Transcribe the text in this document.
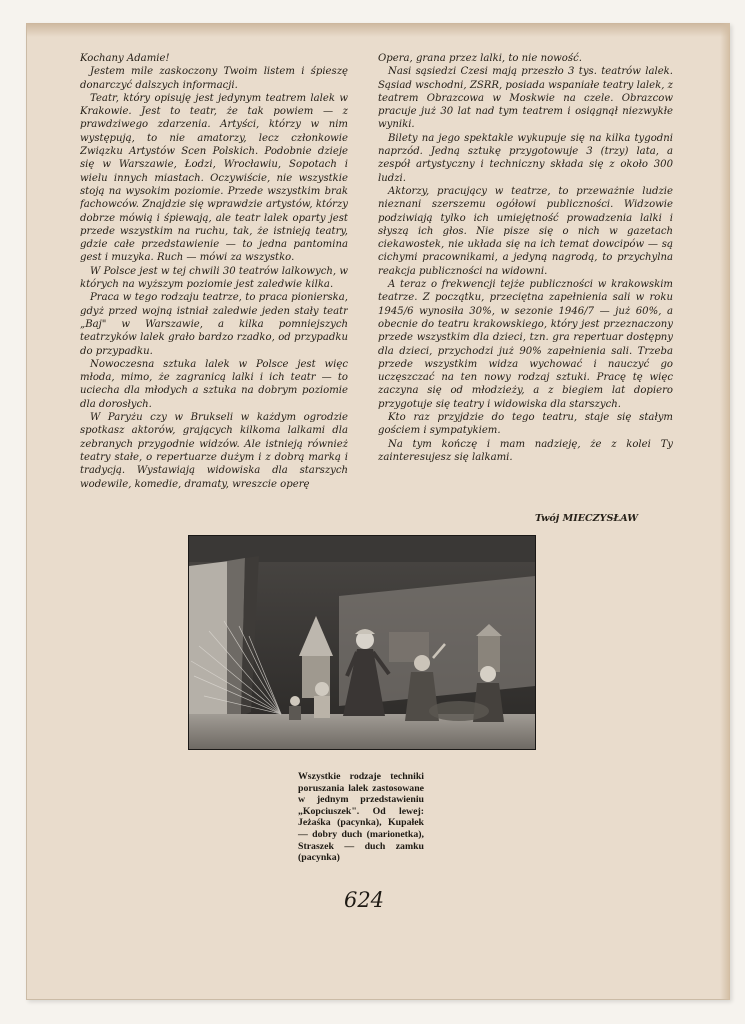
Kochany Adamie!

Jestem mile zaskoczony Twoim listem i śpieszę donarczyć dalszych informacji.

Teatr, który opisuję jest jedynym teatrem lalek w Krakowie. Jest to teatr, że tak powiem — z prawdziwego zdarzenia. Artyści, którzy w nim występują, to nie amatorzy, lecz członkowie Związku Artystów Scen Polskich. Podobnie dzieje się w Warszawie, Łodzi, Wrocławiu, Sopotach i wielu innych miastach. Oczywiście, nie wszystkie stoją na wysokim poziomie. Przede wszystkim brak fachowców. Znajdzie się wprawdzie artystów, którzy dobrze mówią i śpiewają, ale teatr lalek oparty jest przede wszystkim na ruchu, tak, że istnieją teatry, gdzie całe przedstawienie — to jedna pantomina gest i muzyka. Ruch — mówi za wszystko.

W Polsce jest w tej chwili 30 teatrów lalkowych, w których na wyższym poziomie jest zaledwie kilka.

Praca w tego rodzaju teatrze, to praca pionierska, gdyż przed wojną istniał zaledwie jeden stały teatr „Baj" w Warszawie, a kilka pomniejszych teatrzyków lalek grało bardzo rzadko, od przypadku do przypadku.

Nowoczesna sztuka lalek w Polsce jest więc młoda, mimo, że zagranicą lalki i ich teatr — to uciecha dla młodych a sztuka na dobrym poziomie dla dorosłych.

W Paryżu czy w Brukseli w każdym ogrodzie spotkasz aktorów, grających kilkoma lalkami dla zebranych przygodnie widzów. Ale istnieją również teatry stałe, o repertuarze dużym i z dobrą marką i tradycją. Wystawiają widowiska dla starszych wodewile, komedie, dramaty, wreszcie operę

Opera, grana przez lalki, to nie nowość.

Nasi sąsiedzi Czesi mają przeszło 3 tys. teatrów lalek. Sąsiad wschodni, ZSRR, posiada wspaniałe teatry lalek, z teatrem Obrazcowa w Moskwie na czele. Obrazcow pracuje już 30 lat nad tym teatrem i osiągnął niezwykłe wyniki.

Bilety na jego spektakle wykupuje się na kilka tygodni naprzód. Jedną sztukę przygotowuje 3 (trzy) lata, a zespół artystyczny i techniczny składa się z około 300 ludzi.

Aktorzy, pracujący w teatrze, to przeważnie ludzie nieznani szerszemu ogółowi publiczności. Widzowie podziwiają tylko ich umiejętność prowadzenia lalki i słyszą ich głos. Nie pisze się o nich w gazetach ciekawostek, nie układa się na ich temat dowcipów — są cichymi pracownikami, a jedyną nagrodą, to przychylna reakcja publiczności na widowni.

A teraz o frekwencji tejże publiczności w krakowskim teatrze. Z początku, przeciętna zapełnienia sali w roku 1945/6 wynosiła 30%, w sezonie 1946/7 — już 60%, a obecnie do teatru krakowskiego, który jest przeznaczony przede wszystkim dla dzieci, tzn. gra repertuar dostępny dla dzieci, przychodzi już 90% zapełnienia sali. Trzeba przede wszystkim widza wychować i nauczyć go uczęszczać na ten nowy rodzaj sztuki. Pracę tę więc zaczyna się od młodzieży, a z biegiem lat dopiero przygotuje się teatry i widowiska dla starszych.

Kto raz przyjdzie do tego teatru, staje się stałym gościem i sympatykiem.

Na tym kończę i mam nadzieję, że z kolei Ty zainteresujesz się lalkami.

Twój MIECZYSŁAW
Wszystkie rodzaje techniki poruszania lalek zastosowane w jednym przedstawieniu „Kopciuszek". Od lewej: Jeżaśka (pacynka), Kupałek — dobry duch (marionetka), Straszek — duch zamku (pacynka)
624
